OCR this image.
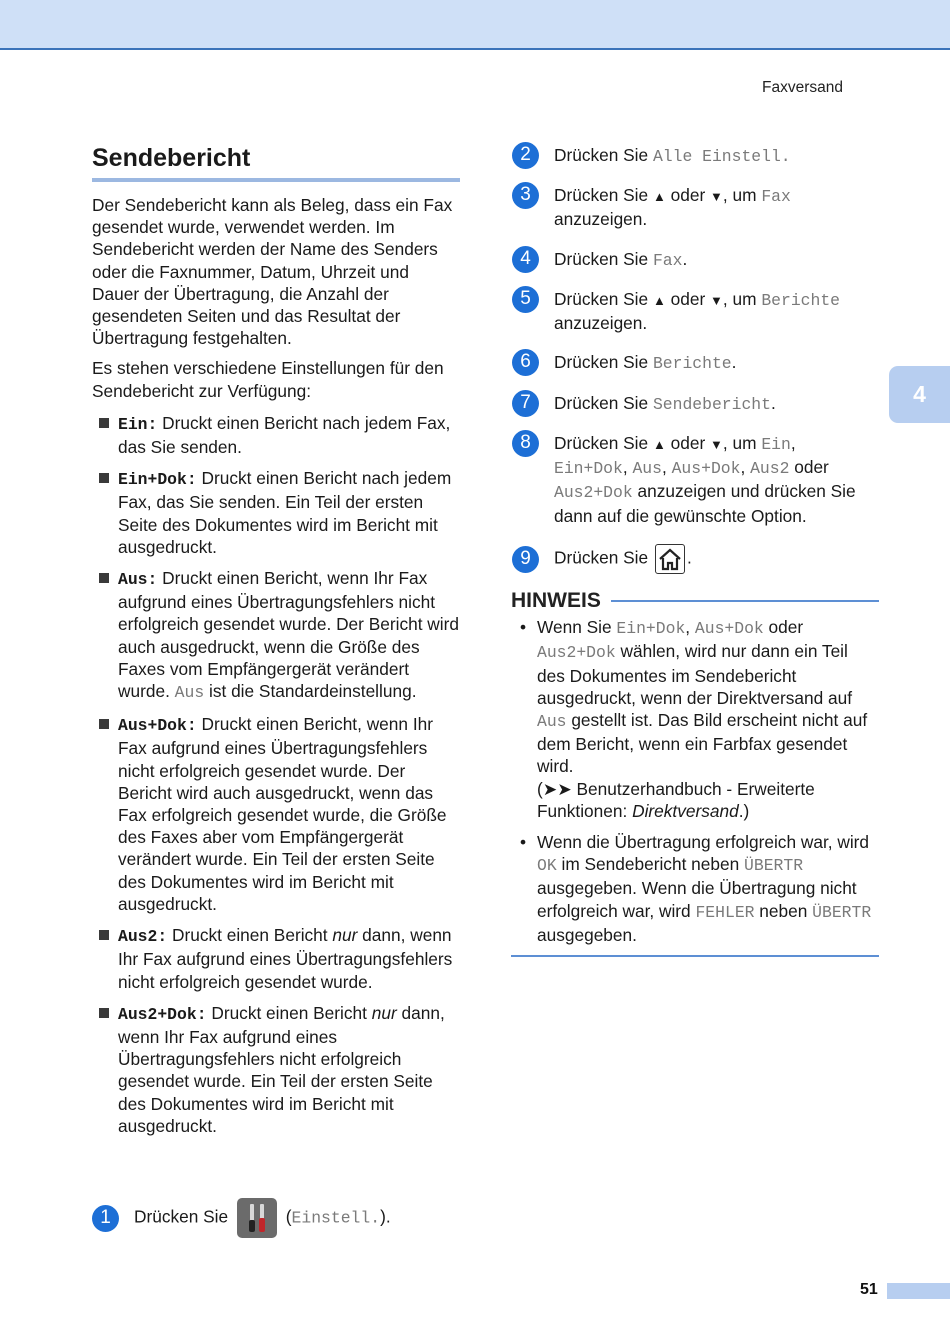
Faxversand
4
Sendebericht

Der Sendebericht kann als Beleg, dass ein Fax gesendet wurde, verwendet werden. Im Sendebericht werden der Name des Senders oder die Faxnummer, Datum, Uhrzeit und Dauer der Übertragung, die Anzahl der gesendeten Seiten und das Resultat der Übertragung festgehalten.

Es stehen verschiedene Einstellungen für den Sendebericht zur Verfügung:

Ein: Druckt einen Bericht nach jedem Fax, das Sie senden.
Ein+Dok: Druckt einen Bericht nach jedem Fax, das Sie senden. Ein Teil der ersten Seite des Dokumentes wird im Bericht mit ausgedruckt.
Aus: Druckt einen Bericht, wenn Ihr Fax aufgrund eines Übertragungsfehlers nicht erfolgreich gesendet wurde. Der Bericht wird auch ausgedruckt, wenn die Größe des Faxes vom Empfängergerät verändert wurde. Aus ist die Standardeinstellung.
Aus+Dok: Druckt einen Bericht, wenn Ihr Fax aufgrund eines Übertragungsfehlers nicht erfolgreich gesendet wurde. Der Bericht wird auch ausgedruckt, wenn das Fax erfolgreich gesendet wurde, die Größe des Faxes aber vom Empfängergerät verändert wurde. Ein Teil der ersten Seite des Dokumentes wird im Bericht mit ausgedruckt.
Aus2: Druckt einen Bericht nur dann, wenn Ihr Fax aufgrund eines Übertragungsfehlers nicht erfolgreich gesendet wurde.
Aus2+Dok: Druckt einen Bericht nur dann, wenn Ihr Fax aufgrund eines Übertragungsfehlers nicht erfolgreich gesendet wurde. Ein Teil der ersten Seite des Dokumentes wird im Bericht mit ausgedruckt.
1	Drücken Sie	(Einstell.).
2	Drücken Sie Alle Einstell.
3	Drücken Sie ▲ oder ▼, um Fax
anzuzeigen.
4	Drücken Sie Fax.
5	Drücken Sie ▲ oder ▼, um Berichte
anzuzeigen.
6	Drücken Sie Berichte.
7	Drücken Sie Sendebericht.
8	Drücken Sie ▲ oder ▼, um Ein,
Ein+Dok, Aus, Aus+Dok, Aus2 oder
Aus2+Dok anzuzeigen und drücken Sie dann auf die gewünschte Option.
9	Drücken Sie .
HINWEIS
• Wenn Sie Ein+Dok, Aus+Dok oder Aus2+Dok wählen, wird nur dann ein Teil des Dokumentes im Sendebericht ausgedruckt, wenn der Direktversand auf Aus gestellt ist. Das Bild erscheint nicht auf dem Bericht, wenn ein Farbfax gesendet wird.
(➤➤ Benutzerhandbuch - Erweiterte Funktionen: Direktversand.)
• Wenn die Übertragung erfolgreich war, wird OK im Sendebericht neben ÜBERTR ausgegeben. Wenn die Übertragung nicht erfolgreich war, wird FEHLER neben ÜBERTR ausgegeben.
51
